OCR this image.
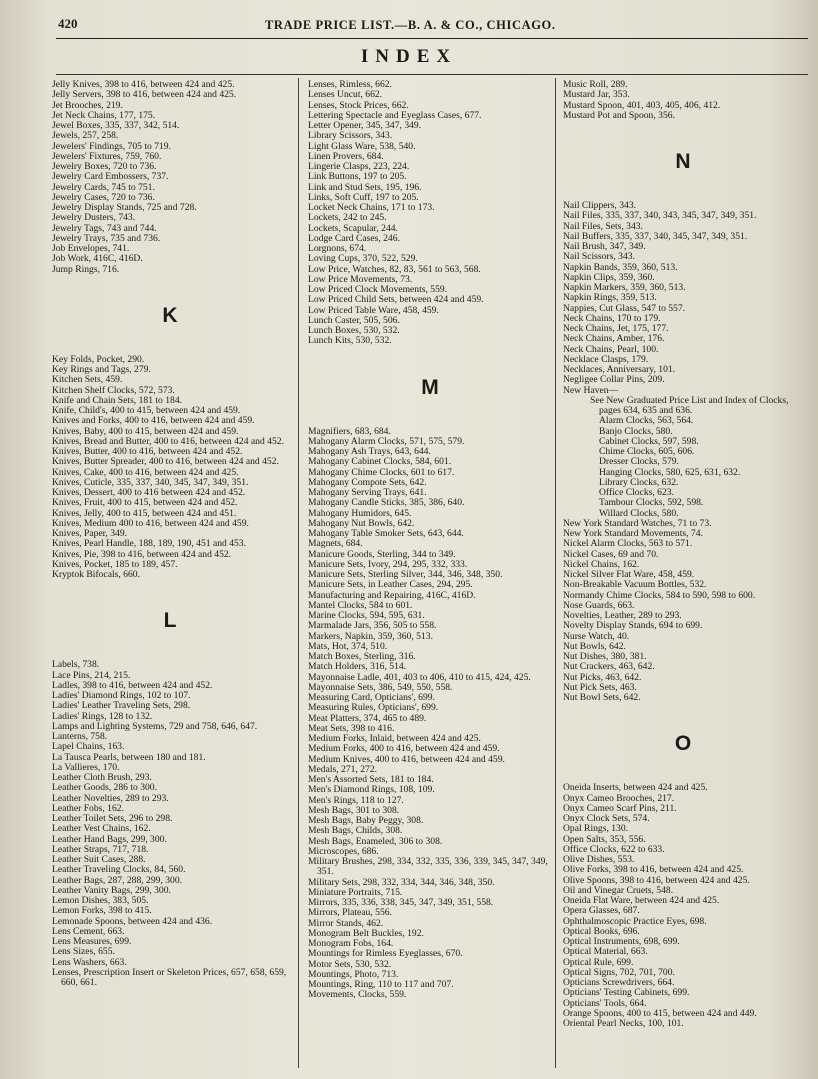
420	TRADE PRICE LIST.—B. A. & CO., CHICAGO.
INDEX
Jelly Knives, 398 to 416, between 424 and 425.
Jelly Servers, 398 to 416, between 424 and 425.
Jet Brooches, 219.
Jet Neck Chains, 177, 175.
Jewel Boxes, 335, 337, 342, 514.
Jewels, 257, 258.
Jewelers' Findings, 705 to 719.
Jewelers' Fixtures, 759, 760.
Jewelry Boxes, 720 to 736.
Jewelry Card Embossers, 737.
Jewelry Cards, 745 to 751.
Jewelry Cases, 720 to 736.
Jewelry Display Stands, 725 and 728.
Jewelry Dusters, 743.
Jewelry Tags, 743 and 744.
Jewelry Trays, 735 and 736.
Job Envelopes, 741.
Job Work, 416C, 416D.
Jump Rings, 716.
K
Key Folds, Pocket, 290.
Key Rings and Tags, 279.
Kitchen Sets, 459.
Kitchen Shelf Clocks, 572, 573.
Knife and Chain Sets, 181 to 184.
Knife, Child's, 400 to 415, between 424 and 459.
Knives and Forks, 400 to 416, between 424 and 459.
Knives, Baby, 400 to 415, between 424 and 459.
Knives, Bread and Butter, 400 to 416, between 424 and 452.
Knives, Butter, 400 to 416, between 424 and 452.
Knives, Butter Spreader, 400 to 416, between 424 and 452.
Knives, Cake, 400 to 416, between 424 and 425.
Knives, Cuticle, 335, 337, 340, 345, 347, 349, 351.
Knives, Dessert, 400 to 416 between 424 and 452.
Knives, Fruit, 400 to 415, between 424 and 452.
Knives, Jelly, 400 to 415, between 424 and 451.
Knives, Medium 400 to 416, between 424 and 459.
Knives, Paper, 349.
Knives, Pearl Handle, 188, 189, 190, 451 and 453.
Knives, Pie, 398 to 416, between 424 and 452.
Knives, Pocket, 185 to 189, 457.
Kryptok Bifocals, 660.
L
Labels, 738.
Lace Pins, 214, 215.
Ladles, 398 to 416, between 424 and 452.
Ladies' Diamond Rings, 102 to 107.
Ladies' Leather Traveling Sets, 298.
Ladies' Rings, 128 to 132.
Lamps and Lighting Systems, 729 and 758, 646, 647.
Lanterns, 758.
Lapel Chains, 163.
La Tausca Pearls, between 180 and 181.
La Vallieres, 170.
Leather Cloth Brush, 293.
Leather Goods, 286 to 300.
Leather Novelties, 289 to 293.
Leather Fobs, 162.
Leather Toilet Sets, 296 to 298.
Leather Vest Chains, 162.
Leather Hand Bags, 299, 300.
Leather Straps, 717, 718.
Leather Suit Cases, 288.
Leather Traveling Clocks, 84, 560.
Leather Bags, 287, 288, 299, 300.
Leather Vanity Bags, 299, 300.
Lemon Dishes, 383, 505.
Lemon Forks, 398 to 415.
Lemonade Spoons, between 424 and 436.
Lens Cement, 663.
Lens Measures, 699.
Lens Sizes, 655.
Lens Washers, 663.
Lenses, Prescription Insert or Skeleton Prices, 657, 658, 659, 660, 661.
Lenses, Rimless, 662.
Lenses Uncut, 662.
Lenses, Stock Prices, 662.
Lettering Spectacle and Eyeglass Cases, 677.
Letter Opener, 345, 347, 349.
Library Scissors, 343.
Light Glass Ware, 538, 540.
Linen Provers, 684.
Lingerie Clasps, 223, 224.
Link Buttons, 197 to 205.
Link and Stud Sets, 195, 196.
Links, Soft Cuff, 197 to 205.
Locket Neck Chains, 171 to 173.
Lockets, 242 to 245.
Lockets, Scapular, 244.
Lodge Card Cases, 246.
Lorgnons, 674.
Loving Cups, 370, 522, 529.
Low Price, Watches, 82, 83, 561 to 563, 568.
Low Price Movements, 73.
Low Priced Clock Movements, 559.
Low Priced Child Sets, between 424 and 459.
Low Priced Table Ware, 458, 459.
Lunch Caster, 505, 506.
Lunch Boxes, 530, 532.
Lunch Kits, 530, 532.
M
Magnifiers, 683, 684.
Mahogany Alarm Clocks, 571, 575, 579.
Mahogany Ash Trays, 643, 644.
Mahogany Cabinet Clocks, 584, 601.
Mahogany Chime Clocks, 601 to 617.
Mahogany Compote Sets, 642.
Mahogany Serving Trays, 641.
Mahogany Candle Sticks, 385, 386, 640.
Mahogany Humidors, 645.
Mahogany Nut Bowls, 642.
Mahogany Table Smoker Sets, 643, 644.
Magnets, 684.
Manicure Goods, Sterling, 344 to 349.
Manicure Sets, Ivory, 294, 295, 332, 333.
Manicure Sets, Sterling Silver, 344, 346, 348, 350.
Manicure Sets, in Leather Cases, 294, 295.
Manufacturing and Repairing, 416C, 416D.
Mantel Clocks, 584 to 601.
Marine Clocks, 594, 595, 631.
Marmalade Jars, 356, 505 to 558.
Markers, Napkin, 359, 360, 513.
Mats, Hot, 374, 510.
Match Boxes, Sterling, 316.
Match Holders, 316, 514.
Mayonnaise Ladle, 401, 403 to 406, 410 to 415, 424, 425.
Mayonnaise Sets, 386, 549, 550, 558.
Measuring Card, Opticians', 699.
Measuring Rules, Opticians', 699.
Meat Platters, 374, 465 to 489.
Meat Sets, 398 to 416.
Medium Forks, Inlaid, between 424 and 425.
Medium Forks, 400 to 416, between 424 and 459.
Medium Knives, 400 to 416, between 424 and 459.
Medals, 271, 272.
Men's Assorted Sets, 181 to 184.
Men's Diamond Rings, 108, 109.
Men's Rings, 118 to 127.
Mesh Bags, 301 to 308.
Mesh Bags, Baby Peggy, 308.
Mesh Bags, Childs, 308.
Mesh Bags, Enameled, 306 to 308.
Microscopes, 686.
Military Brushes, 298, 334, 332, 335, 336, 339, 345, 347, 349, 351.
Military Sets, 298, 332, 334, 344, 346, 348, 350.
Miniature Portraits, 715.
Mirrors, 335, 336, 338, 345, 347, 349, 351, 558.
Mirrors, Plateau, 556.
Mirror Stands, 462.
Monogram Belt Buckles, 192.
Monogram Fobs, 164.
Mountings for Rimless Eyeglasses, 670.
Motor Sets, 530, 532.
Mountings, Photo, 713.
Mountings, Ring, 110 to 117 and 707.
Movements, Clocks, 559.
Music Roll, 289.
Mustard Jar, 353.
Mustard Spoon, 401, 403, 405, 406, 412.
Mustard Pot and Spoon, 356.
N
Nail Clippers, 343.
Nail Files, 335, 337, 340, 343, 345, 347, 349, 351.
Nail Files, Sets, 343.
Nail Buffers, 335, 337, 340, 345, 347, 349, 351.
Nail Brush, 347, 349.
Nail Scissors, 343.
Napkin Bands, 359, 360, 513.
Napkin Clips, 359, 360.
Napkin Markers, 359, 360, 513.
Napkin Rings, 359, 513.
Nappies, Cut Glass, 547 to 557.
Neck Chains, 170 to 179.
Neck Chains, Jet, 175, 177.
Neck Chains, Amber, 176.
Neck Chains, Pearl, 100.
Necklace Clasps, 179.
Necklaces, Anniversary, 101.
Negligee Collar Pins, 209.
New Haven—
See New Graduated Price List and Index of Clocks, pages 634, 635 and 636.
Alarm Clocks, 563, 564.
Banjo Clocks, 580.
Cabinet Clocks, 597, 598.
Chime Clocks, 605, 606.
Dresser Clocks, 579.
Hanging Clocks, 580, 625, 631, 632.
Library Clocks, 632.
Office Clocks, 623.
Tambour Clocks, 592, 598.
Willard Clocks, 580.
New York Standard Watches, 71 to 73.
New York Standard Movements, 74.
Nickel Alarm Clocks, 563 to 571.
Nickel Cases, 69 and 70.
Nickel Chains, 162.
Nickel Silver Flat Ware, 458, 459.
Non-Breakable Vacuum Bottles, 532.
Normandy Chime Clocks, 584 to 590, 598 to 600.
Nose Guards, 663.
Novelties, Leather, 289 to 293.
Novelty Display Stands, 694 to 699.
Nurse Watch, 40.
Nut Bowls, 642.
Nut Dishes, 380, 381.
Nut Crackers, 463, 642.
Nut Picks, 463, 642.
Nut Pick Sets, 463.
Nut Bowl Sets, 642.
O
Oneida Inserts, between 424 and 425.
Onyx Cameo Brooches, 217.
Onyx Cameo Scarf Pins, 211.
Onyx Clock Sets, 574.
Opal Rings, 130.
Open Salts, 353, 556.
Office Clocks, 622 to 633.
Olive Dishes, 553.
Olive Forks, 398 to 416, between 424 and 425.
Olive Spoons, 398 to 416, between 424 and 425.
Oil and Vinegar Cruets, 548.
Oneida Flat Ware, between 424 and 425.
Opera Glasses, 687.
Ophthalmoscopic Practice Eyes, 698.
Optical Books, 696.
Optical Instruments, 698, 699.
Optical Material, 663.
Optical Rule, 699.
Optical Signs, 702, 701, 700.
Opticians Screwdrivers, 664.
Opticians' Testing Cabinets, 699.
Opticians' Tools, 664.
Orange Spoons, 400 to 415, between 424 and 449.
Oriental Pearl Necks, 100, 101.
